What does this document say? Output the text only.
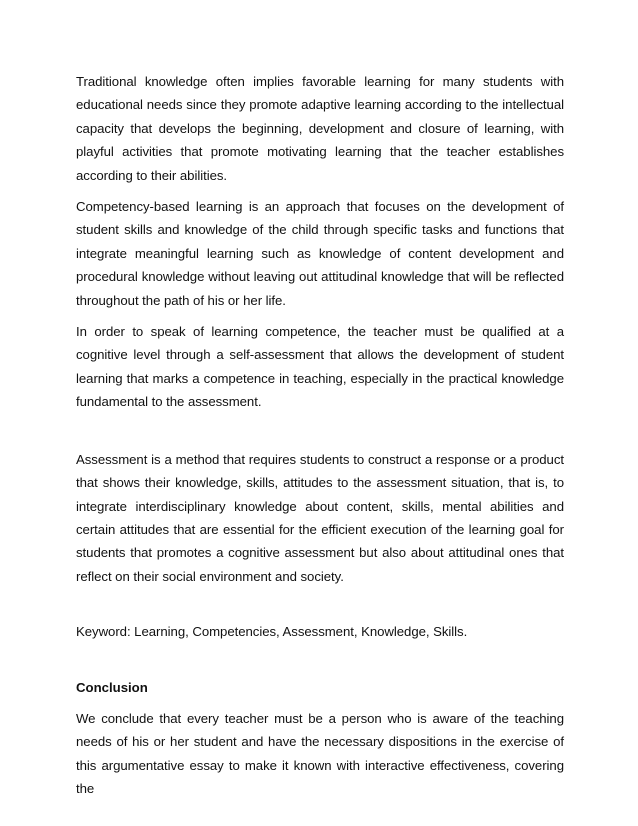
Traditional knowledge often implies favorable learning for many students with educational needs since they promote adaptive learning according to the intellectual capacity that develops the beginning, development and closure of learning, with playful activities that promote motivating learning that the teacher establishes according to their abilities.

Competency-based learning is an approach that focuses on the development of student skills and knowledge of the child through specific tasks and functions that integrate meaningful learning such as knowledge of content development and procedural knowledge without leaving out attitudinal knowledge that will be reflected throughout the path of his or her life.

In order to speak of learning competence, the teacher must be qualified at a cognitive level through a self-assessment that allows the development of student learning that marks a competence in teaching, especially in the practical knowledge fundamental to the assessment.

Assessment is a method that requires students to construct a response or a product that shows their knowledge, skills, attitudes to the assessment situation, that is, to integrate interdisciplinary knowledge about content, skills, mental abilities and certain attitudes that are essential for the efficient execution of the learning goal for students that promotes a cognitive assessment but also about attitudinal ones that reflect on their social environment and society.

Keyword: Learning, Competencies, Assessment, Knowledge, Skills.

Conclusion

We conclude that every teacher must be a person who is aware of the teaching needs of his or her student and have the necessary dispositions in the exercise of this argumentative essay to make it known with interactive effectiveness, covering the
